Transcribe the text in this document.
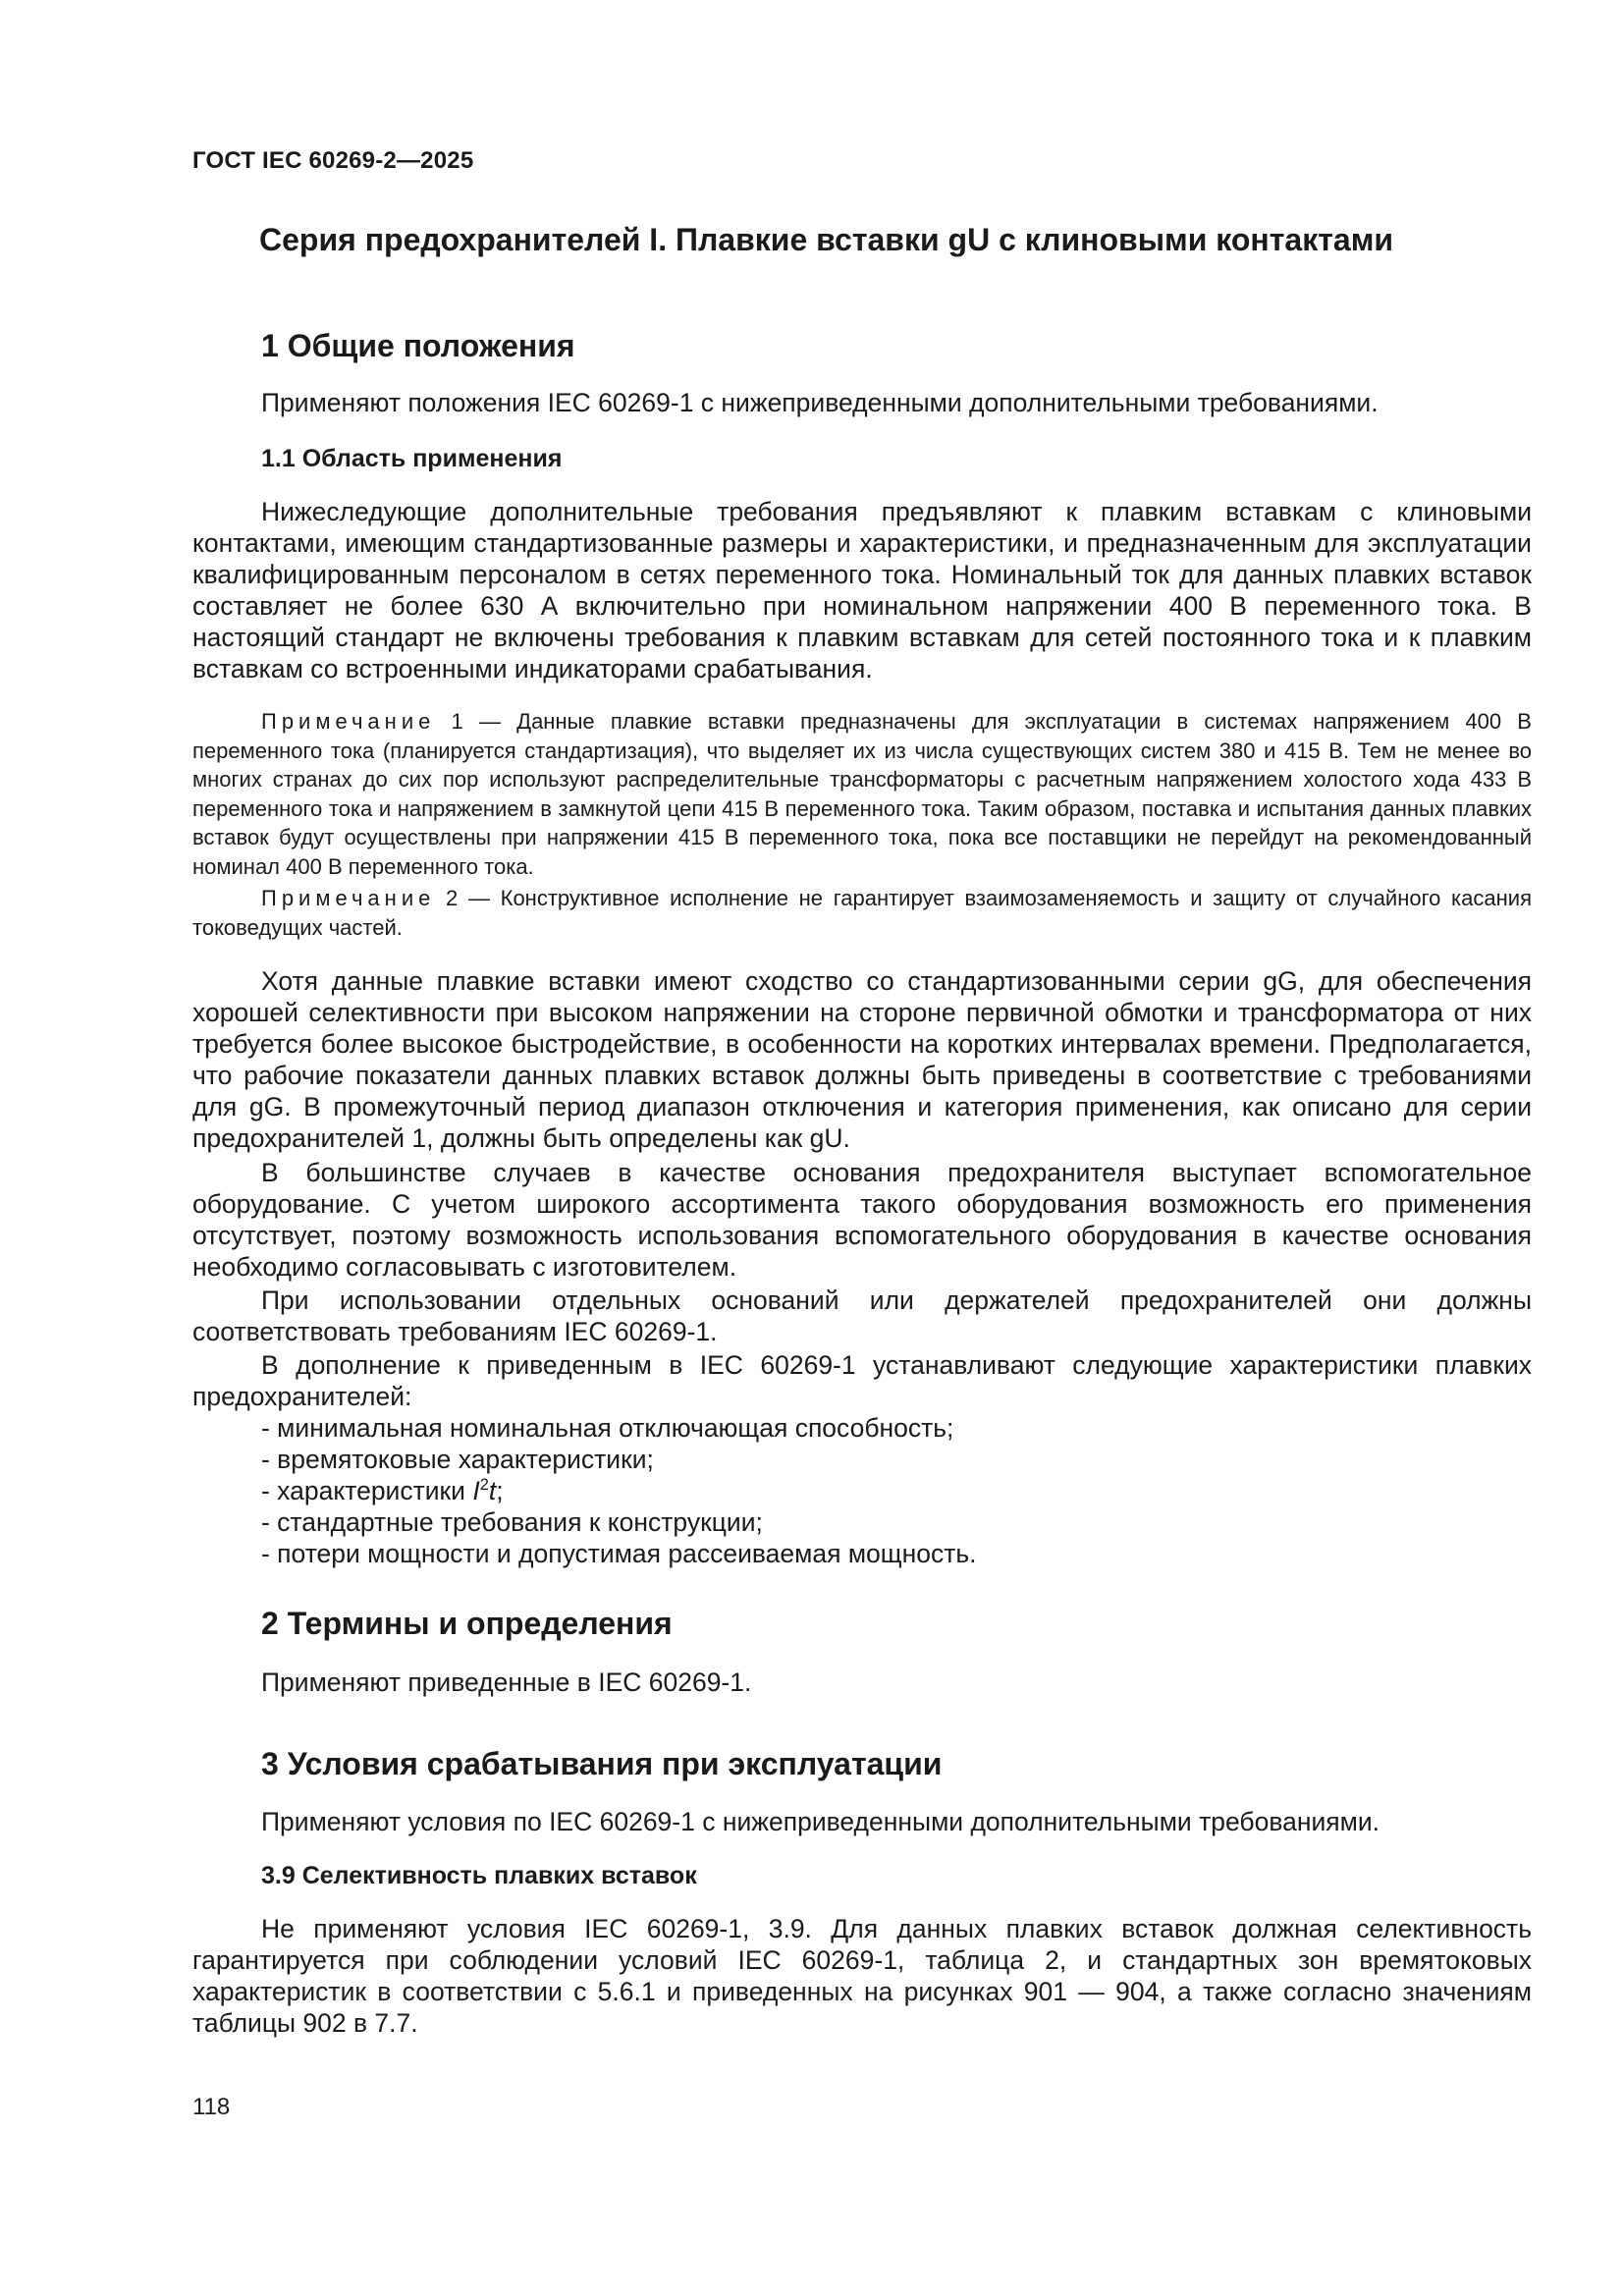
ГОСТ IEC 60269-2—2025
Серия предохранителей I. Плавкие вставки gU с клиновыми контактами
1 Общие положения

Применяют положения IEC 60269-1 с нижеприведенными дополнительными требованиями.

1.1 Область применения

Нижеследующие дополнительные требования предъявляют к плавким вставкам с клиновыми контактами, имеющим стандартизованные размеры и характеристики, и предназначенным для эксплуатации квалифицированным персоналом в сетях переменного тока. Номинальный ток для данных плавких вставок составляет не более 630 А включительно при номинальном напряжении 400 В переменного тока. В настоящий стандарт не включены требования к плавким вставкам для сетей постоянного тока и к плавким вставкам со встроенными индикаторами срабатывания.

Примечание 1 — Данные плавкие вставки предназначены для эксплуатации в системах напряжением 400 В переменного тока (планируется стандартизация), что выделяет их из числа существующих систем 380 и 415 В. Тем не менее во многих странах до сих пор используют распределительные трансформаторы с расчетным напряжением холостого хода 433 В переменного тока и напряжением в замкнутой цепи 415 В переменного тока. Таким образом, поставка и испытания данных плавких вставок будут осуществлены при напряжении 415 В переменного тока, пока все поставщики не перейдут на рекомендованный номинал 400 В переменного тока.

Примечание 2 — Конструктивное исполнение не гарантирует взаимозаменяемость и защиту от случайного касания токоведущих частей.

Хотя данные плавкие вставки имеют сходство со стандартизованными серии gG, для обеспечения хорошей селективности при высоком напряжении на стороне первичной обмотки и трансформатора от них требуется более высокое быстродействие, в особенности на коротких интервалах времени. Предполагается, что рабочие показатели данных плавких вставок должны быть приведены в соответствие с требованиями для gG. В промежуточный период диапазон отключения и категория применения, как описано для серии предохранителей 1, должны быть определены как gU.

В большинстве случаев в качестве основания предохранителя выступает вспомогательное оборудование. С учетом широкого ассортимента такого оборудования возможность его применения отсутствует, поэтому возможность использования вспомогательного оборудования в качестве основания необходимо согласовывать с изготовителем.

При использовании отдельных оснований или держателей предохранителей они должны соответствовать требованиям IEC 60269-1.

В дополнение к приведенным в IEC 60269-1 устанавливают следующие характеристики плавких предохранителей:

- минимальная номинальная отключающая способность;
- времятоковые характеристики;
- характеристики $I^2t$;
- стандартные требования к конструкции;
- потери мощности и допустимая рассеиваемая мощность.
2 Термины и определения

Применяют приведенные в IEC 60269-1.

3 Условия срабатывания при эксплуатации

Применяют условия по IEC 60269-1 с нижеприведенными дополнительными требованиями.

3.9 Селективность плавких вставок

Не применяют условия IEC 60269-1, 3.9. Для данных плавких вставок должная селективность гарантируется при соблюдении условий IEC 60269-1, таблица 2, и стандартных зон времятоковых характеристик в соответствии с 5.6.1 и приведенных на рисунках 901 — 904, а также согласно значениям таблицы 902 в 7.7.

118
